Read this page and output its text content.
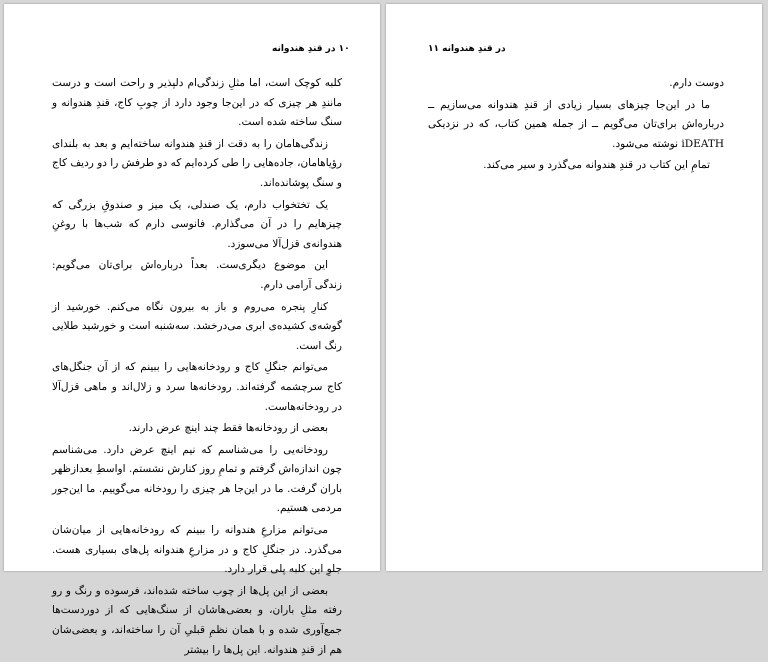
۱۰ در قندِ هندوانه

کلبه کوچک است، اما مثلِ زندگی‌ام دلپذیر و راحت است و درست مانندِ هر چیزی که در این‌جا وجود دارد از چوبِ کاج، قندِ هندوانه و سنگ ساخته شده است.

زندگی‌هامان را به دقت از قندِ هندوانه ساخته‌ایم و بعد به بلندای رؤیاهامان، جاده‌هایی را طی کرده‌ایم که دو طرفش را دو ردیف کاج و سنگ پوشانده‌اند.

یک تختخواب دارم، یک صندلی، یک میز و صندوقِ بزرگی که چیزهایم را در آن می‌گذارم. فانوسی دارم که شب‌ها با روغنِ هندوانه‌ی قزل‌آلا می‌سوزد.

این موضوع دیگری‌ست. بعداً درباره‌اش برای‌تان می‌گویم: زندگی آرامی دارم.

کنارِ پنجره می‌روم و باز به بیرون نگاه می‌کنم. خورشید از گوشه‌ی کشیده‌ی ابری می‌درخشد. سه‌شنبه است و خورشید طلایی رنگ است.

می‌توانم جنگلِ کاج و رودخانه‌هایی را ببینم که از آن جنگل‌های کاج سرچشمه گرفته‌اند. رودخانه‌ها سرد و زلال‌اند و ماهی قزل‌آلا در رودخانه‌هاست.

بعضی از رودخانه‌ها فقط چند اینچ عرض دارند.

رودخانه‌یی را می‌شناسم که نیم اینچ عرض دارد. می‌شناسم چون اندازه‌اش گرفتم و تمامِ روز کنارش نشستم. اواسطِ بعدازظهر باران گرفت. ما در این‌جا هر چیزی را رودخانه می‌گوییم. ما این‌جور مردمی هستیم.

می‌توانم مزارعِ هندوانه را ببینم که رودخانه‌هایی از میان‌شان می‌گذرد. در جنگلِ کاج و در مزارعِ هندوانه پل‌های بسیاری هست. جلوِ این کلبه پلی قرار دارد.

بعضی از این پل‌ها از چوب ساخته شده‌اند، فرسوده و رنگ و رو رفته مثلِ باران، و بعضی‌هاشان از سنگ‌هایی که از دوردست‌ها جمع‌آوری شده و با همان نظمِ قبلیِ آن را ساخته‌اند، و بعضی‌شان هم از قندِ هندوانه. این پل‌ها را بیشتر

در قندِ هندوانه ۱۱

دوست دارم.

ما در این‌جا چیزهای بسیار زیادی از قندِ هندوانه می‌سازیم ــ درباره‌اش برای‌تان می‌گویم ــ از جمله همین کتاب، که در نزدیکی iDEATH نوشته می‌شود.

تمامِ این کتاب در قندِ هندوانه می‌گذرد و سیر می‌کند.
